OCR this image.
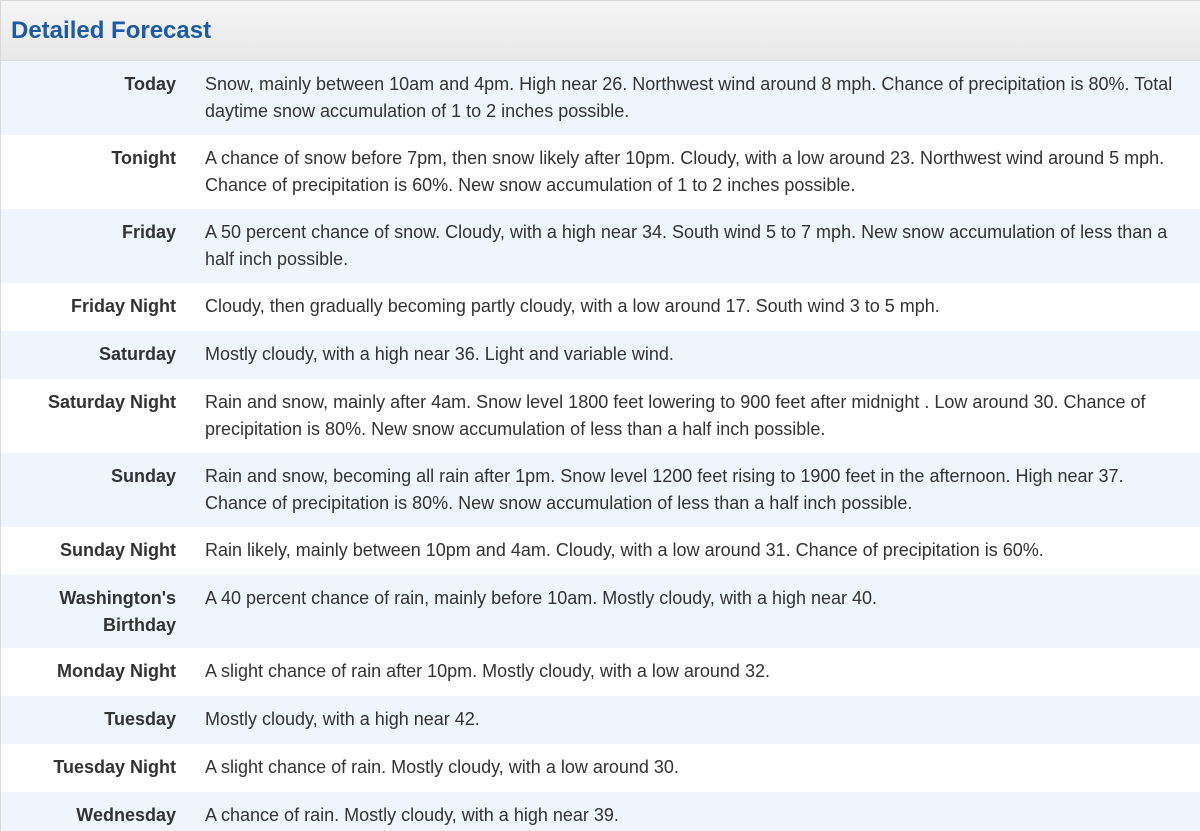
Detailed Forecast
Today Snow, mainly between 10am and 4pm. High near 26. Northwest wind around 8 mph. Chance of precipitation is 80%. Total daytime snow accumulation of 1 to 2 inches possible.
Tonight A chance of snow before 7pm, then snow likely after 10pm. Cloudy, with a low around 23. Northwest wind around 5 mph. Chance of precipitation is 60%. New snow accumulation of 1 to 2 inches possible.
Friday A 50 percent chance of snow. Cloudy, with a high near 34. South wind 5 to 7 mph. New snow accumulation of less than a half inch possible.
Friday Night Cloudy, then gradually becoming partly cloudy, with a low around 17. South wind 3 to 5 mph.
Saturday Mostly cloudy, with a high near 36. Light and variable wind.
Saturday Night Rain and snow, mainly after 4am. Snow level 1800 feet lowering to 900 feet after midnight . Low around 30. Chance of precipitation is 80%. New snow accumulation of less than a half inch possible.
Sunday Rain and snow, becoming all rain after 1pm. Snow level 1200 feet rising to 1900 feet in the afternoon. High near 37. Chance of precipitation is 80%. New snow accumulation of less than a half inch possible.
Sunday Night Rain likely, mainly between 10pm and 4am. Cloudy, with a low around 31. Chance of precipitation is 60%.
Washington's Birthday
A 40 percent chance of rain, mainly before 10am. Mostly cloudy, with a high near 40.
Monday Night A slight chance of rain after 10pm. Mostly cloudy, with a low around 32.
Tuesday Mostly cloudy, with a high near 42.
Tuesday Night A slight chance of rain. Mostly cloudy, with a low around 30.
Wednesday A chance of rain. Mostly cloudy, with a high near 39.
